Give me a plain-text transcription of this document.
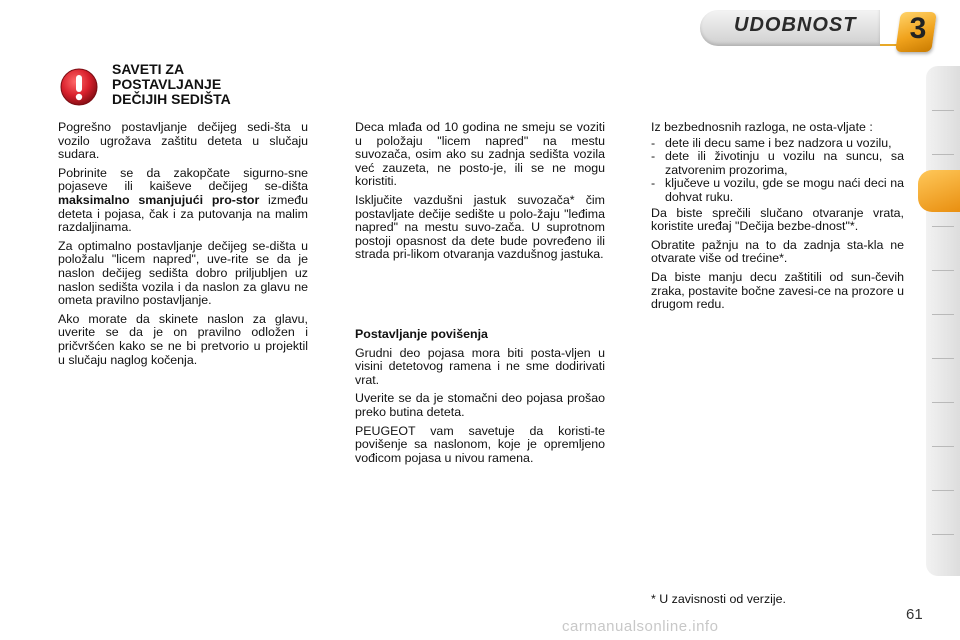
UDOBNOST	3
SAVETI ZA
POSTAVLJANJE
DEČIJIH SEDIŠTA

Pogrešno postavljanje dečijeg sedi-šta u vozilo ugrožava zaštitu deteta u slučaju sudara.

Pobrinite se da zakopčate sigurno-sne pojaseve ili kaiševe dečijeg se-dišta maksimalno smanjujući pro-stor između deteta i pojasa, čak i za putovanja na malim razdaljinama.

Za optimalno postavljanje dečijeg se-dišta u položalu "licem napred", uve-rite se da je naslon dečijeg sedišta dobro priljubljen uz naslon sedišta vozila i da naslon za glavu ne ometa pravilno postavljanje.

Ako morate da skinete naslon za glavu, uverite se da je on pravilno odložen i pričvršćen kako se ne bi pretvorio u projektil u slučaju naglog kočenja.

Deca mlađa od 10 godina ne smeju se voziti u položaju "licem napred" na mestu suvozača, osim ako su zadnja sedišta vozila već zauzeta, ne posto-je, ili se ne mogu koristiti.

Isključite vazdušni jastuk suvozača* čim postavljate dečije sedište u polo-žaju "leđima napred" na mestu suvo-zača. U suprotnom postoji opasnost da dete bude povređeno ili strada pri-likom otvaranja vazdušnog jastuka.

Postavljanje povišenja

Grudni deo pojasa mora biti posta-vljen u visini detetovog ramena i ne sme dodirivati vrat.

Uverite se da je stomačni deo pojasa prošao preko butina deteta.

PEUGEOT vam savetuje da koristi-te povišenje sa naslonom, koje je opremljeno vođicom pojasa u nivou ramena.

Iz bezbednosnih razloga, ne osta-vljate :

- dete ili decu same i bez nadzora u vozilu,
- dete ili životinju u vozilu na suncu, sa zatvorenim prozorima,
- ključeve u vozilu, gde se mogu naći deci na dohvat ruku.

Da biste sprečili slučano otvaranje vrata, koristite uređaj "Dečija bezbe-dnost"*.

Obratite pažnju na to da zadnja sta-kla ne otvarate više od trećine*.

Da biste manju decu zaštitili od sun-čevih zraka, postavite bočne zavesi-ce na prozore u drugom redu.

* U zavisnosti od verzije.
carmanualsonline.info
61
